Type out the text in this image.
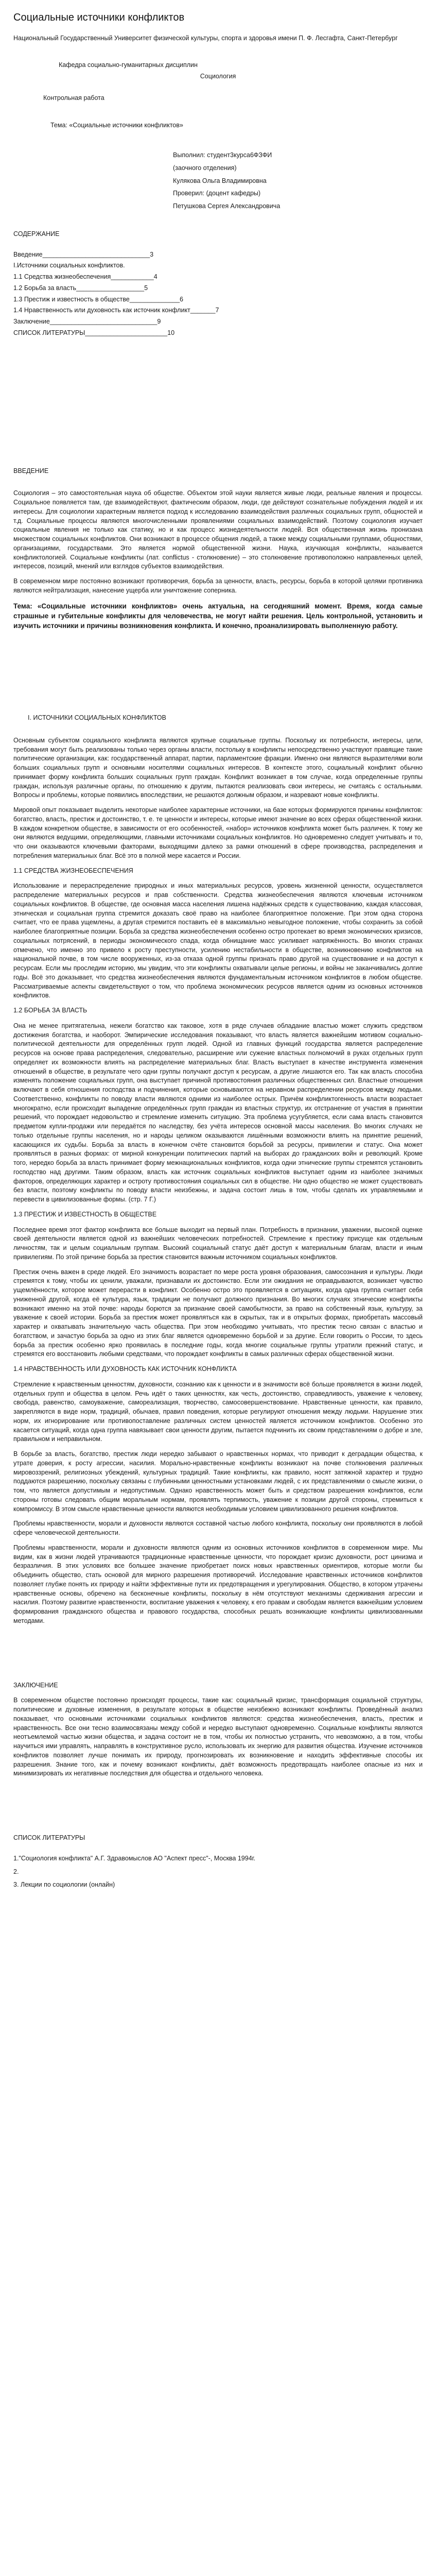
Социальные источники конфликтов

Национальный Государственный Университет физической культуры, спорта и здоровья имени П. Ф. Лесгафта, Санкт-Петербург

Кафедра социально-гуманитарных дисциплин

Социология

Контрольная работа

Тема: «Социальные источники конфликтов»

Выполнил: студент3курса6ФЗФИ

(заочного отделения)

Кулякова Ольга Владимировна

Проверил: (доцент кафедры)

Петушкова Сергея Александровича

СОДЕРЖАНИЕ

Введение______________________________3

I.Источники социальных конфликтов.

1.1 Средства жизнеобеспечения____________4

1.2 Борьба за власть___________________5

1.3 Престиж и известность в обществе______________6

1.4 Нравственность или духовность как источник конфликт_______7

Заключение______________________________9

СПИСОК ЛИТЕРАТУРЫ_______________________10

ВВЕДЕНИЕ

Социология – это самостоятельная наука об обществе. Объектом этой науки является живые люди, реальные явления и процессы. Социальное появляется там, где взаимодействуют, фактическим образом, люди, где действуют сознательные побуждения людей и их интересы. Для социологии характерным является подход к исследованию взаимодействия различных социальных групп, общностей и т.д. Социальные процессы являются многочисленными проявлениями социальных взаимодействий. Поэтому социология изучает социальные явления не только как статику, но и как процесс жизнедеятельности людей. Вся общественная жизнь пронизана множеством социальных конфликтов. Они возникают в процессе общения людей, а также между социальными группами, общностями, организациями, государствами. Это является нормой общественной жизни. Наука, изучающая конфликты, называется конфликтологией. Социальные конфликты (лат. conflictus - столкновение) – это столкновение противоположно направленных целей, интересов, позиций, мнений или взглядов субъектов взаимодействия.

В современном мире постоянно возникают противоречия, борьба за ценности, власть, ресурсы, борьба в которой целями противника являются нейтрализация, нанесение ущерба или уничтожение соперника.

Тема: «Социальные источники конфликтов» очень актуальна, на сегодняшний момент. Время, когда самые страшные и губительные конфликты для человечества, не могут найти решения. Цель контрольной, установить и изучить источники и причины возникновения конфликта. И конечно, проанализировать выполненную работу.

I. ИСТОЧНИКИ СОЦИАЛЬНЫХ КОНФЛИКТОВ

Основным субъектом социального конфликта являются крупные социальные группы. Поскольку их потребности, интересы, цели, требования могут быть реализованы только через органы власти, постольку в конфликты непосредственно участвуют правящие такие политические организации, как: государственный аппарат, партии, парламентские фракции. Именно они являются выразителями воли больших социальных групп и основными носителями социальных интересов. В контексте этого, социальный конфликт обычно принимает форму конфликта больших социальных групп граждан. Конфликт возникает в том случае, когда определенные группы граждан, используя различные органы, по отношению к другим, пытаются реализовать свои интересы, не считаясь с остальными. Вопросы и проблемы, которые появились впоследствии, не решаются должным образом, и назревают новые конфликты.

Мировой опыт показывает выделить некоторые наиболее характерные источники, на базе которых формируются причины конфликтов: богатство, власть, престиж и достоинство, т. е. те ценности и интересы, которые имеют значение во всех сферах общественной жизни. В каждом конкретном обществе, в зависимости от его особенностей, «набор» источников конфликта может быть различен. К тому же они являются ведущими, определяющими, главными источниками социальных конфликтов. Но одновременно следует учитывать и то, что они оказываются ключевыми факторами, выходящими далеко за рамки отношений в сфере производства, распределения и потребления материальных благ. Всё это в полной мере касается и России.

1.1 СРЕДСТВА ЖИЗНЕОБЕСПЕЧЕНИЯ

Использование и перераспределение природных и иных материальных ресурсов, уровень жизненной ценности, осуществляется распределение материальных ресурсов и прав собственности. Средства жизнеобеспечения являются ключевым источником социальных конфликтов. В обществе, где основная масса населения лишена надёжных средств к существованию, каждая классовая, этническая и социальная группа стремится доказать своё право на наиболее благоприятное положение. При этом одна сторона считает, что ее права ущемлены, а другая стремится поставить её в максимально невыгодное положение, чтобы сохранить за собой наиболее благоприятные позиции. Борьба за средства жизнеобеспечения особенно остро протекает во время экономических кризисов, социальных потрясений, в периоды экономического спада, когда обнищание масс усиливает напряжённость. Во многих странах отмечено, что именно это привело к росту преступности, усилению нестабильности в обществе, возникновению конфликтов на национальной почве, в том числе вооруженных, из-за отказа одной группы признать право другой на существование и на доступ к ресурсам. Если мы проследим историю, мы увидим, что эти конфликты охватывали целые регионы, и войны не заканчивались долгие годы. Всё это доказывает, что средства жизнеобеспечения являются фундаментальным источником конфликтов в любом обществе. Рассматриваемые аспекты свидетельствуют о том, что проблема экономических ресурсов является одним из основных источников конфликтов.

1.2 БОРЬБА ЗА ВЛАСТЬ

Она не менее притягательна, нежели богатство как таковое, хотя в ряде случаев обладание властью может служить средством достижения богатства, и наоборот. Эмпирические исследования показывают, что власть является важнейшим мотивом социально-политической деятельности для определённых групп людей. Одной из главных функций государства является распределение ресурсов на основе права распределения, следовательно, расширение или сужение властных полномочий в руках отдельных групп определяет их возможности влиять на распределение материальных благ. Власть выступает в качестве инструмента изменения отношений в обществе, в результате чего одни группы получают доступ к ресурсам, а другие лишаются его. Так как власть способна изменять положение социальных групп, она выступает причиной противостояния различных общественных сил. Властные отношения включают в себя отношения господства и подчинения, которые основываются на неравном распределении ресурсов между людьми. Соответственно, конфликты по поводу власти являются одними из наиболее острых. Причём конфликтогенность власти возрастает многократно, если происходит выпадение определённых групп граждан из властных структур, их отстранение от участия в принятии решений, что порождает недовольство и стремление изменить ситуацию. Эта проблема усугубляется, если сама власть становится предметом купли-продажи или передаётся по наследству, без учёта интересов основной массы населения. Во многих случаях не только отдельные группы населения, но и народы целиком оказываются лишёнными возможности влиять на принятие решений, касающихся их судьбы. Борьба за власть в конечном счёте становится борьбой за ресурсы, привилегии и статус. Она может проявляться в разных формах: от мирной конкуренции политических партий на выборах до гражданских войн и революций. Кроме того, нередко борьба за власть принимает форму межнациональных конфликтов, когда одни этнические группы стремятся установить господство над другими. Таким образом, власть как источник социальных конфликтов выступает одним из наиболее значимых факторов, определяющих характер и остроту противостояния социальных сил в обществе. Ни одно общество не может существовать без власти, поэтому конфликты по поводу власти неизбежны, и задача состоит лишь в том, чтобы сделать их управляемыми и перевести в цивилизованные формы. (стр. 7 Г.)

1.3 ПРЕСТИЖ И ИЗВЕСТНОСТЬ В ОБЩЕСТВЕ

Последнее время этот фактор конфликта все больше выходит на первый план. Потребность в признании, уважении, высокой оценке своей деятельности является одной из важнейших человеческих потребностей. Стремление к престижу присуще как отдельным личностям, так и целым социальным группам. Высокий социальный статус даёт доступ к материальным благам, власти и иным привилегиям. По этой причине борьба за престиж становится важным источником социальных конфликтов.

Престиж очень важен в среде людей. Его значимость возрастает по мере роста уровня образования, самосознания и культуры. Люди стремятся к тому, чтобы их ценили, уважали, признавали их достоинство. Если эти ожидания не оправдываются, возникает чувство ущемлённости, которое может перерасти в конфликт. Особенно остро это проявляется в ситуациях, когда одна группа считает себя униженной другой, когда её культура, язык, традиции не получают должного признания. Во многих случаях этнические конфликты возникают именно на этой почве: народы борются за признание своей самобытности, за право на собственный язык, культуру, за уважение к своей истории. Борьба за престиж может проявляться как в скрытых, так и в открытых формах, приобретать массовый характер и охватывать значительную часть общества. При этом необходимо учитывать, что престиж тесно связан с властью и богатством, и зачастую борьба за одно из этих благ является одновременно борьбой и за другие. Если говорить о России, то здесь борьба за престиж особенно ярко проявилась в последние годы, когда многие социальные группы утратили прежний статус, и стремятся его восстановить любыми средствами, что порождает конфликты в самых различных сферах общественной жизни.

1.4 НРАВСТВЕННОСТЬ ИЛИ ДУХОВНОСТЬ КАК ИСТОЧНИК КОНФЛИКТА

Стремление к нравственным ценностям, духовности, сознанию как к ценности и в значимости всё больше проявляется в жизни людей, отдельных групп и общества в целом. Речь идёт о таких ценностях, как честь, достоинство, справедливость, уважение к человеку, свобода, равенство, самоуважение, самореализация, творчество, самосовершенствование. Нравственные ценности, как правило, закрепляются в виде норм, традиций, обычаев, правил поведения, которые регулируют отношения между людьми. Нарушение этих норм, их игнорирование или противопоставление различных систем ценностей является источником конфликтов. Особенно это касается ситуаций, когда одна группа навязывает свои ценности другим, пытается подчинить их своим представлениям о добре и зле, правильном и неправильном.

В борьбе за власть, богатство, престиж люди нередко забывают о нравственных нормах, что приводит к деградации общества, к утрате доверия, к росту агрессии, насилия. Морально-нравственные конфликты возникают на почве столкновения различных мировоззрений, религиозных убеждений, культурных традиций. Такие конфликты, как правило, носят затяжной характер и трудно поддаются разрешению, поскольку связаны с глубинными ценностными установками людей, с их представлениями о смысле жизни, о том, что является допустимым и недопустимым. Однако нравственность может быть и средством разрешения конфликтов, если стороны готовы следовать общим моральным нормам, проявлять терпимость, уважение к позиции другой стороны, стремиться к компромиссу. В этом смысле нравственные ценности являются необходимым условием цивилизованного решения конфликтов.

Проблемы нравственности, морали и духовности являются составной частью любого конфликта, поскольку они проявляются в любой сфере человеческой деятельности.

Проблемы нравственности, морали и духовности являются одним из основных источников конфликтов в современном мире. Мы видим, как в жизни людей утрачиваются традиционные нравственные ценности, что порождает кризис духовности, рост цинизма и безразличия. В этих условиях все большее значение приобретает поиск новых нравственных ориентиров, которые могли бы объединить общество, стать основой для мирного разрешения противоречий. Исследование нравственных источников конфликтов позволяет глубже понять их природу и найти эффективные пути их предотвращения и урегулирования. Общество, в котором утрачены нравственные основы, обречено на бесконечные конфликты, поскольку в нём отсутствуют механизмы сдерживания агрессии и насилия. Поэтому развитие нравственности, воспитание уважения к человеку, к его правам и свободам является важнейшим условием формирования гражданского общества и правового государства, способных решать возникающие конфликты цивилизованными методами.

ЗАКЛЮЧЕНИЕ

В современном обществе постоянно происходят процессы, такие как: социальный кризис, трансформация социальной структуры, политические и духовные изменения, в результате которых в обществе неизбежно возникают конфликты. Проведённый анализ показывает, что основными источниками социальных конфликтов являются: средства жизнеобеспечения, власть, престиж и нравственность. Все они тесно взаимосвязаны между собой и нередко выступают одновременно. Социальные конфликты являются неотъемлемой частью жизни общества, и задача состоит не в том, чтобы их полностью устранить, что невозможно, а в том, чтобы научиться ими управлять, направлять в конструктивное русло, использовать их энергию для развития общества. Изучение источников конфликтов позволяет лучше понимать их природу, прогнозировать их возникновение и находить эффективные способы их разрешения. Знание того, как и почему возникают конфликты, даёт возможность предотвращать наиболее опасные из них и минимизировать их негативные последствия для общества и отдельного человека.

СПИСОК ЛИТЕРАТУРЫ

1."Социология конфликта" А.Г. Здравомыслов АО "Аспект пресс"-, Москва 1994г.

2.

3. Лекции по социологии (онлайн)
